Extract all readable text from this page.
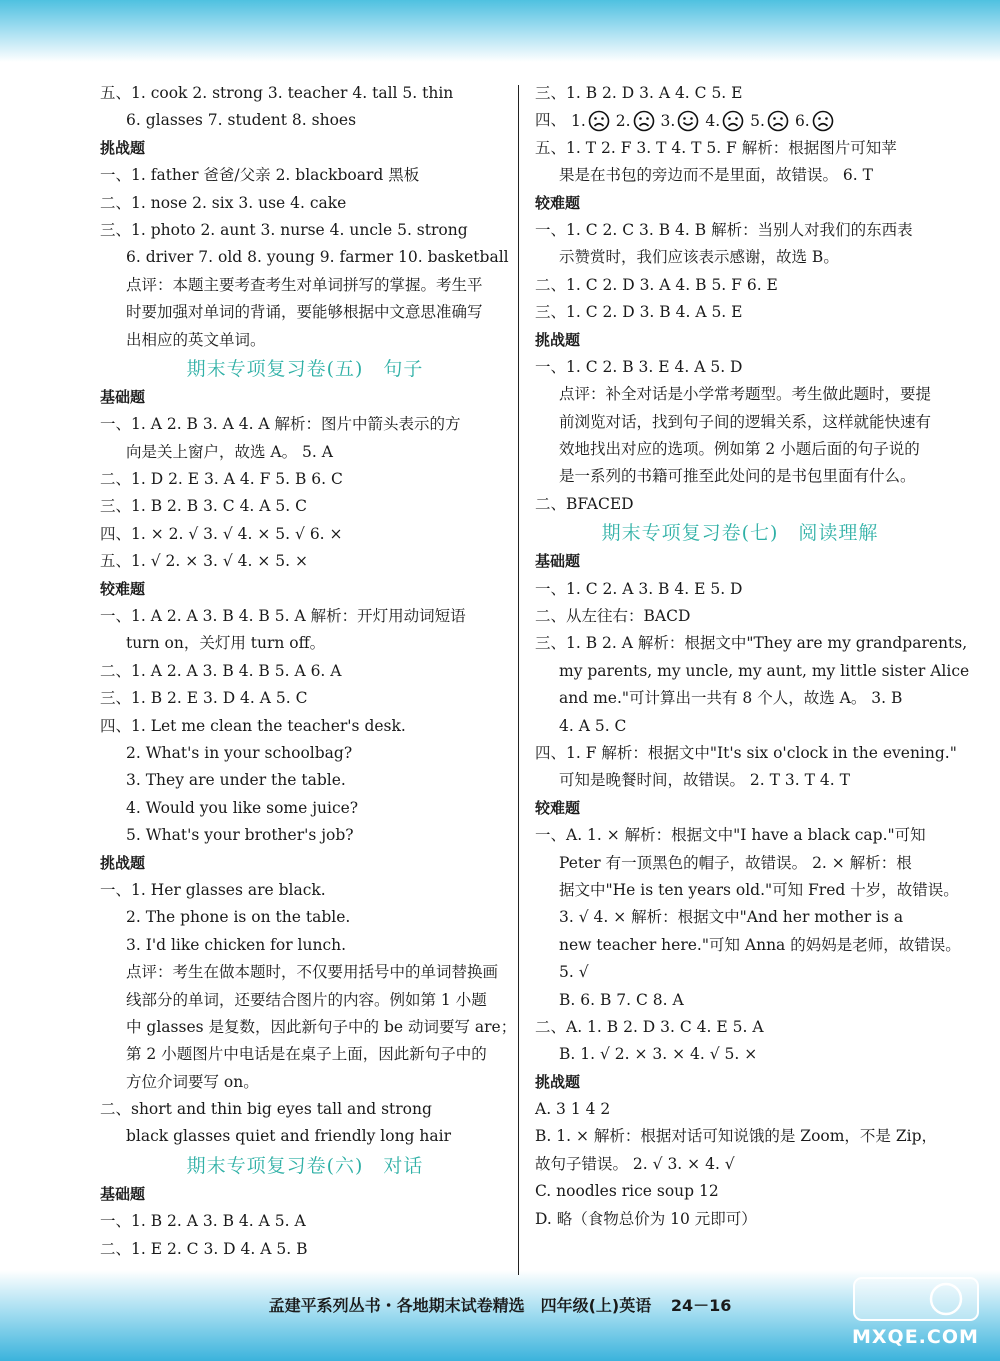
五、1. cook 2. strong 3. teacher 4. tall 5. thin
6. glasses 7. student 8. shoes
挑战题
一、1. father 爸爸/父亲 2. blackboard 黑板
二、1. nose 2. six 3. use 4. cake
三、1. photo 2. aunt 3. nurse 4. uncle 5. strong
6. driver 7. old 8. young 9. farmer 10. basketball
点评：本题主要考查考生对单词拼写的掌握。考生平
时要加强对单词的背诵，要能够根据中文意思准确写
出相应的英文单词。
期末专项复习卷(五)　句子
基础题
一、1. A 2. B 3. A 4. A 解析：图片中箭头表示的方
向是关上窗户，故选 A。 5. A
二、1. D 2. E 3. A 4. F 5. B 6. C
三、1. B 2. B 3. C 4. A 5. C
四、1. × 2. √ 3. √ 4. × 5. √ 6. ×
五、1. √ 2. × 3. √ 4. × 5. ×
较难题
一、1. A 2. A 3. B 4. B 5. A 解析：开灯用动词短语
turn on，关灯用 turn off。
二、1. A 2. A 3. B 4. B 5. A 6. A
三、1. B 2. E 3. D 4. A 5. C
四、1. Let me clean the teacher's desk.
2. What's in your schoolbag?
3. They are under the table.
4. Would you like some juice?
5. What's your brother's job?
挑战题
一、1. Her glasses are black.
2. The phone is on the table.
3. I'd like chicken for lunch.
点评：考生在做本题时，不仅要用括号中的单词替换画
线部分的单词，还要结合图片的内容。例如第 1 小题
中 glasses 是复数，因此新句子中的 be 动词要写 are；
第 2 小题图片中电话是在桌子上面，因此新句子中的
方位介词要写 on。
二、short and thin big eyes tall and strong
black glasses quiet and friendly long hair
期末专项复习卷(六)　对话
基础题
一、1. B 2. A 3. B 4. A 5. A
二、1. E 2. C 3. D 4. A 5. B
三、1. B 2. D 3. A 4. C 5. E
四、 1. 2. 3. 4. 5. 6.
五、1. T 2. F 3. T 4. T 5. F 解析：根据图片可知苹
果是在书包的旁边而不是里面，故错误。 6. T
较难题
一、1. C 2. C 3. B 4. B 解析：当别人对我们的东西表
示赞赏时，我们应该表示感谢，故选 B。
二、1. C 2. D 3. A 4. B 5. F 6. E
三、1. C 2. D 3. B 4. A 5. E
挑战题
一、1. C 2. B 3. E 4. A 5. D
点评：补全对话是小学常考题型。考生做此题时，要提
前浏览对话，找到句子间的逻辑关系，这样就能快速有
效地找出对应的选项。例如第 2 小题后面的句子说的
是一系列的书籍可推至此处问的是书包里面有什么。
二、BFACED
期末专项复习卷(七)　阅读理解
基础题
一、1. C 2. A 3. B 4. E 5. D
二、从左往右：BACD
三、1. B 2. A 解析：根据文中"They are my grandparents,
my parents, my uncle, my aunt, my little sister Alice
and me."可计算出一共有 8 个人，故选 A。 3. B
4. A 5. C
四、1. F 解析：根据文中"It's six o'clock in the evening."
可知是晚餐时间，故错误。 2. T 3. T 4. T
较难题
一、A. 1. × 解析：根据文中"I have a black cap."可知
Peter 有一顶黑色的帽子，故错误。 2. × 解析：根
据文中"He is ten years old."可知 Fred 十岁，故错误。
3. √ 4. × 解析：根据文中"And her mother is a
new teacher here."可知 Anna 的妈妈是老师，故错误。
5. √
B. 6. B 7. C 8. A
二、A. 1. B 2. D 3. C 4. E 5. A
B. 1. √ 2. × 3. × 4. √ 5. ×
挑战题
A. 3 1 4 2
B. 1. × 解析：根据对话可知说饿的是 Zoom，不是 Zip，
故句子错误。 2. √ 3. × 4. √
C. noodles rice soup 12
D. 略（食物总价为 10 元即可）
孟建平系列丛书・各地期末试卷精选　四年级(上)英语 24－16
MXQE.COM
